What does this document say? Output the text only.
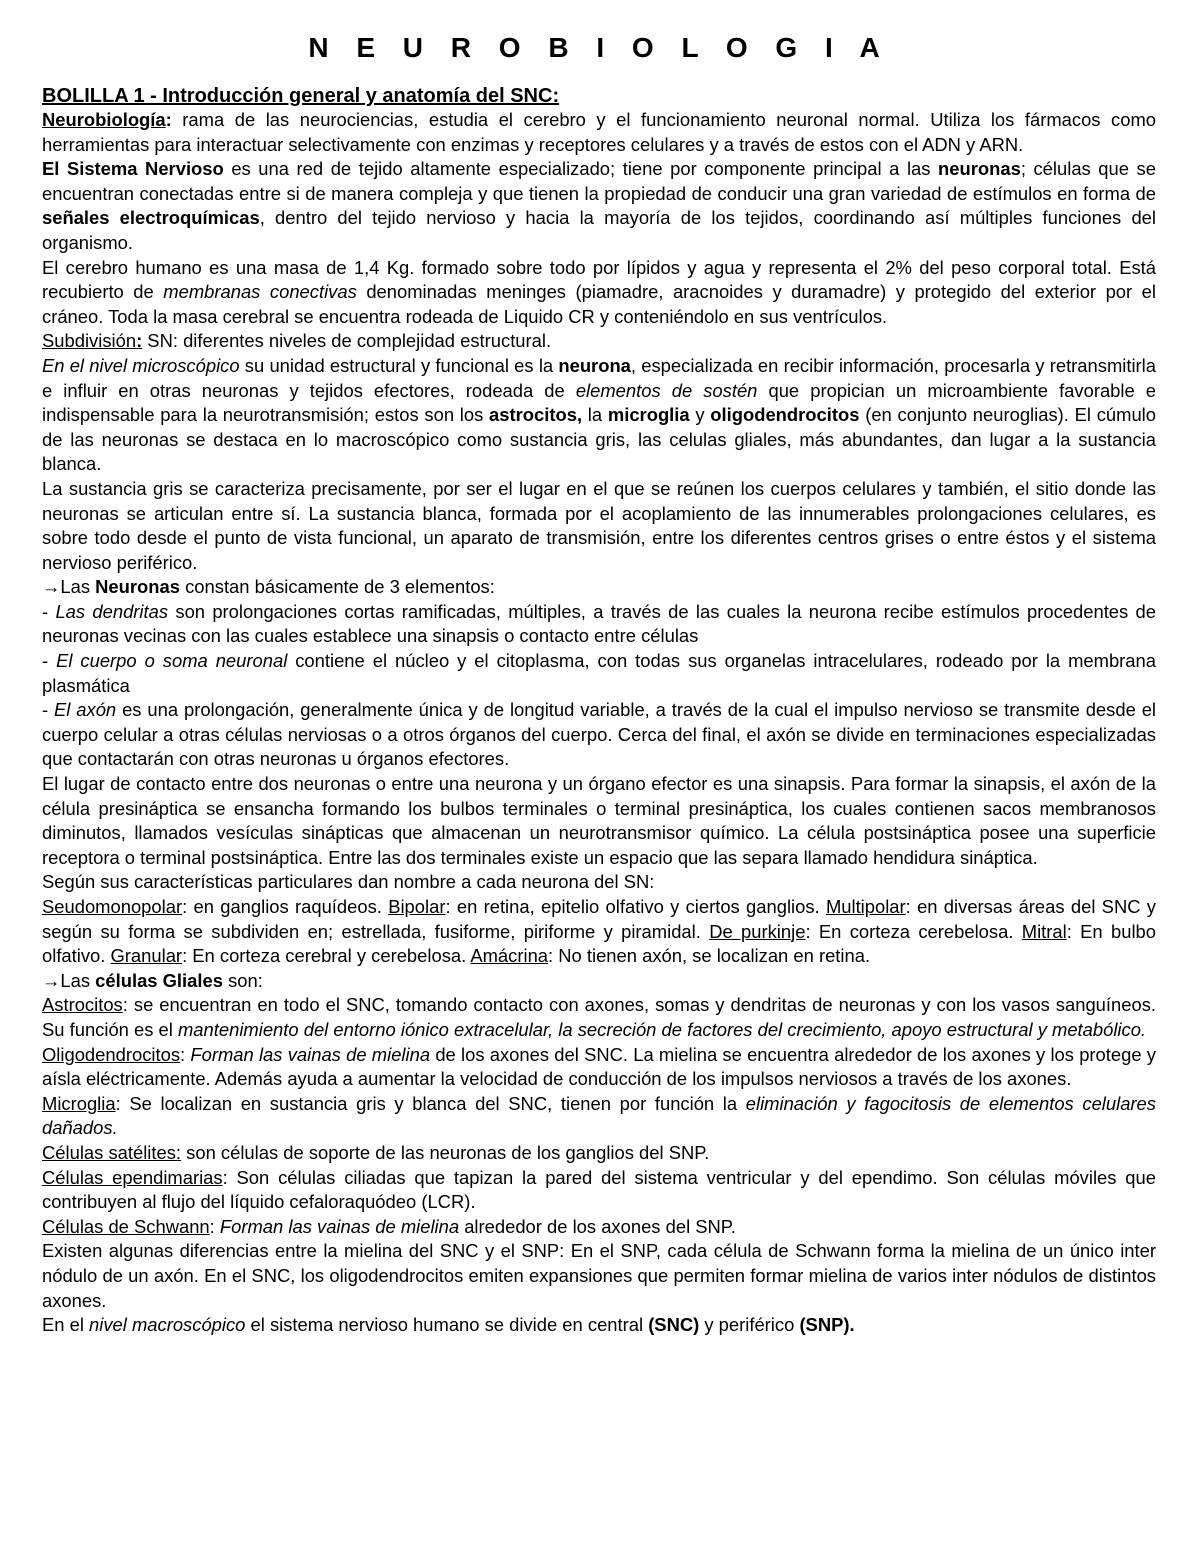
N E U R O B I O L O G I A
BOLILLA 1 - Introducción general y anatomía del SNC:

Neurobiología: rama de las neurociencias, estudia el cerebro y el funcionamiento neuronal normal. Utiliza los fármacos como herramientas para interactuar selectivamente con enzimas y receptores celulares y a través de estos con el ADN y ARN.

El Sistema Nervioso es una red de tejido altamente especializado; tiene por componente principal a las neuronas; células que se encuentran conectadas entre si de manera compleja y que tienen la propiedad de conducir una gran variedad de estímulos en forma de señales electroquímicas, dentro del tejido nervioso y hacia la mayoría de los tejidos, coordinando así múltiples funciones del organismo.

El cerebro humano es una masa de 1,4 Kg. formado sobre todo por lípidos y agua y representa el 2% del peso corporal total. Está recubierto de membranas conectivas denominadas meninges (piamadre, aracnoides y duramadre) y protegido del exterior por el cráneo. Toda la masa cerebral se encuentra rodeada de Liquido CR y conteniéndolo en sus ventrículos.

Subdivisión: SN: diferentes niveles de complejidad estructural.

En el nivel microscópico su unidad estructural y funcional es la neurona, especializada en recibir información, procesarla y retransmitirla e influir en otras neuronas y tejidos efectores, rodeada de elementos de sostén que propician un microambiente favorable e indispensable para la neurotransmisión; estos son los astrocitos, la microglia y oligodendrocitos (en conjunto neuroglias). El cúmulo de las neuronas se destaca en lo macroscópico como sustancia gris, las celulas gliales, más abundantes, dan lugar a la sustancia blanca.

La sustancia gris se caracteriza precisamente, por ser el lugar en el que se reúnen los cuerpos celulares y también, el sitio donde las neuronas se articulan entre sí. La sustancia blanca, formada por el acoplamiento de las innumerables prolongaciones celulares, es sobre todo desde el punto de vista funcional, un aparato de transmisión, entre los diferentes centros grises o entre éstos y el sistema nervioso periférico.

→Las Neuronas constan básicamente de 3 elementos:

- Las dendritas son prolongaciones cortas ramificadas, múltiples, a través de las cuales la neurona recibe estímulos procedentes de neuronas vecinas con las cuales establece una sinapsis o contacto entre células

- El cuerpo o soma neuronal contiene el núcleo y el citoplasma, con todas sus organelas intracelulares, rodeado por la membrana plasmática

- El axón es una prolongación, generalmente única y de longitud variable, a través de la cual el impulso nervioso se transmite desde el cuerpo celular a otras células nerviosas o a otros órganos del cuerpo. Cerca del final, el axón se divide en terminaciones especializadas que contactarán con otras neuronas u órganos efectores.

El lugar de contacto entre dos neuronas o entre una neurona y un órgano efector es una sinapsis. Para formar la sinapsis, el axón de la célula presináptica se ensancha formando los bulbos terminales o terminal presináptica, los cuales contienen sacos membranosos diminutos, llamados vesículas sinápticas que almacenan un neurotransmisor químico. La célula postsináptica posee una superficie receptora o terminal postsináptica. Entre las dos terminales existe un espacio que las separa llamado hendidura sináptica.

Según sus características particulares dan nombre a cada neurona del SN:

Seudomonopolar: en ganglios raquídeos. Bipolar: en retina, epitelio olfativo y ciertos ganglios. Multipolar: en diversas áreas del SNC y según su forma se subdividen en; estrellada, fusiforme, piriforme y piramidal. De purkinje: En corteza cerebelosa. Mitral: En bulbo olfativo. Granular: En corteza cerebral y cerebelosa. Amácrina: No tienen axón, se localizan en retina.

→Las células Gliales son:

Astrocitos: se encuentran en todo el SNC, tomando contacto con axones, somas y dendritas de neuronas y con los vasos sanguíneos. Su función es el mantenimiento del entorno iónico extracelular, la secreción de factores del crecimiento, apoyo estructural y metabólico.

Oligodendrocitos: Forman las vainas de mielina de los axones del SNC. La mielina se encuentra alrededor de los axones y los protege y aísla eléctricamente. Además ayuda a aumentar la velocidad de conducción de los impulsos nerviosos a través de los axones.

Microglia: Se localizan en sustancia gris y blanca del SNC, tienen por función la eliminación y fagocitosis de elementos celulares dañados.

Células satélites: son células de soporte de las neuronas de los ganglios del SNP.

Células ependimarias: Son células ciliadas que tapizan la pared del sistema ventricular y del ependimo. Son células móviles que contribuyen al flujo del líquido cefaloraquódeo (LCR).

Células de Schwann: Forman las vainas de mielina alrededor de los axones del SNP.

Existen algunas diferencias entre la mielina del SNC y el SNP: En el SNP, cada célula de Schwann forma la mielina de un único inter nódulo de un axón. En el SNC, los oligodendrocitos emiten expansiones que permiten formar mielina de varios inter nódulos de distintos axones.

En el nivel macroscópico el sistema nervioso humano se divide en central (SNC) y periférico (SNP).
